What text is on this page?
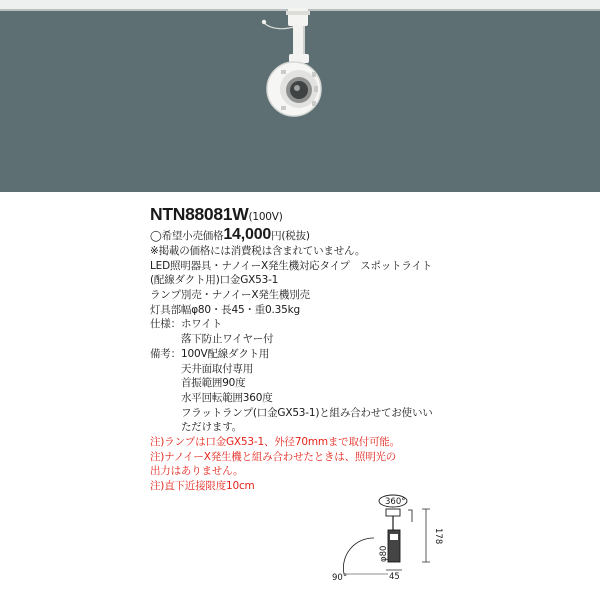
NTN88081W(100V)
◯希望小売価格14,000円(税抜)
※掲載の価格には消費税は含まれていません。
LED照明器具・ナノイーX発生機対応タイプ　スポットライト
(配線ダクト用)口金GX53-1
ランプ別売・ナノイーX発生機別売
灯具部幅φ80・長45・重0.35kg
仕様：ホワイト
落下防止ワイヤー付
備考：100V配線ダクト用
天井面取付専用
首振範囲90度
水平回転範囲360度
フラットランプ(口金GX53-1)と組み合わせてお使いい
ただけます。
注)ランプは口金GX53-1、外径70mmまで取付可能。
注)ナノイーX発生機と組み合わせたときは、照明光の
出力はありません。
注)直下近接限度10cm
360°
178
φ80
45
90°
